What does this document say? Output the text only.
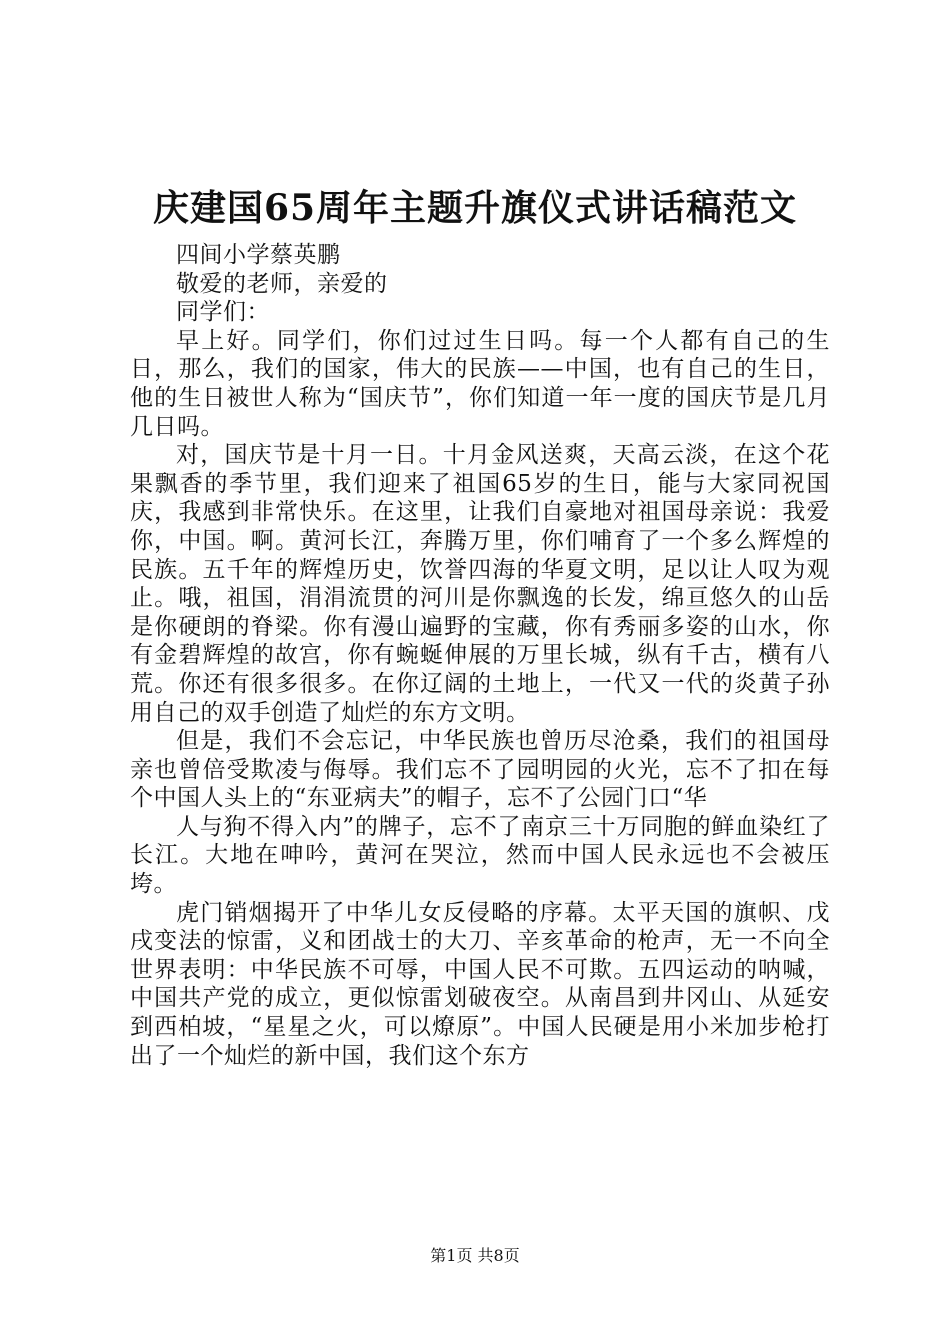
庆建国65周年主题升旗仪式讲话稿范文

四间小学蔡英鹏

敬爱的老师，亲爱的

同学们：

早上好。同学们，你们过过生日吗。每一个人都有自己的生日，那么，我们的国家，伟大的民族——中国，也有自己的生日，他的生日被世人称为“国庆节”，你们知道一年一度的国庆节是几月几日吗。

对，国庆节是十月一日。十月金风送爽，天高云淡，在这个花果飘香的季节里，我们迎来了祖国65岁的生日，能与大家同祝国庆，我感到非常快乐。在这里，让我们自豪地对祖国母亲说：我爱你，中国。啊。黄河长江，奔腾万里，你们哺育了一个多么辉煌的民族。五千年的辉煌历史，饮誉四海的华夏文明，足以让人叹为观止。哦，祖国，涓涓流贯的河川是你飘逸的长发，绵亘悠久的山岳是你硬朗的脊梁。你有漫山遍野的宝藏，你有秀丽多姿的山水，你有金碧辉煌的故宫，你有蜿蜒伸展的万里长城，纵有千古，横有八荒。你还有很多很多。在你辽阔的土地上，一代又一代的炎黄子孙用自己的双手创造了灿烂的东方文明。

但是，我们不会忘记，中华民族也曾历尽沧桑，我们的祖国母亲也曾倍受欺凌与侮辱。我们忘不了园明园的火光，忘不了扣在每个中国人头上的“东亚病夫”的帽子，忘不了公园门口“华

人与狗不得入内”的牌子，忘不了南京三十万同胞的鲜血染红了长江。大地在呻吟，黄河在哭泣，然而中国人民永远也不会被压垮。

虎门销烟揭开了中华儿女反侵略的序幕。太平天国的旗帜、戊戌变法的惊雷，义和团战士的大刀、辛亥革命的枪声，无一不向全世界表明：中华民族不可辱，中国人民不可欺。五四运动的呐喊，中国共产党的成立，更似惊雷划破夜空。从南昌到井冈山、从延安到西柏坡，“星星之火，可以燎原”。中国人民硬是用小米加步枪打出了一个灿烂的新中国，我们这个东方

第1页 共8页
